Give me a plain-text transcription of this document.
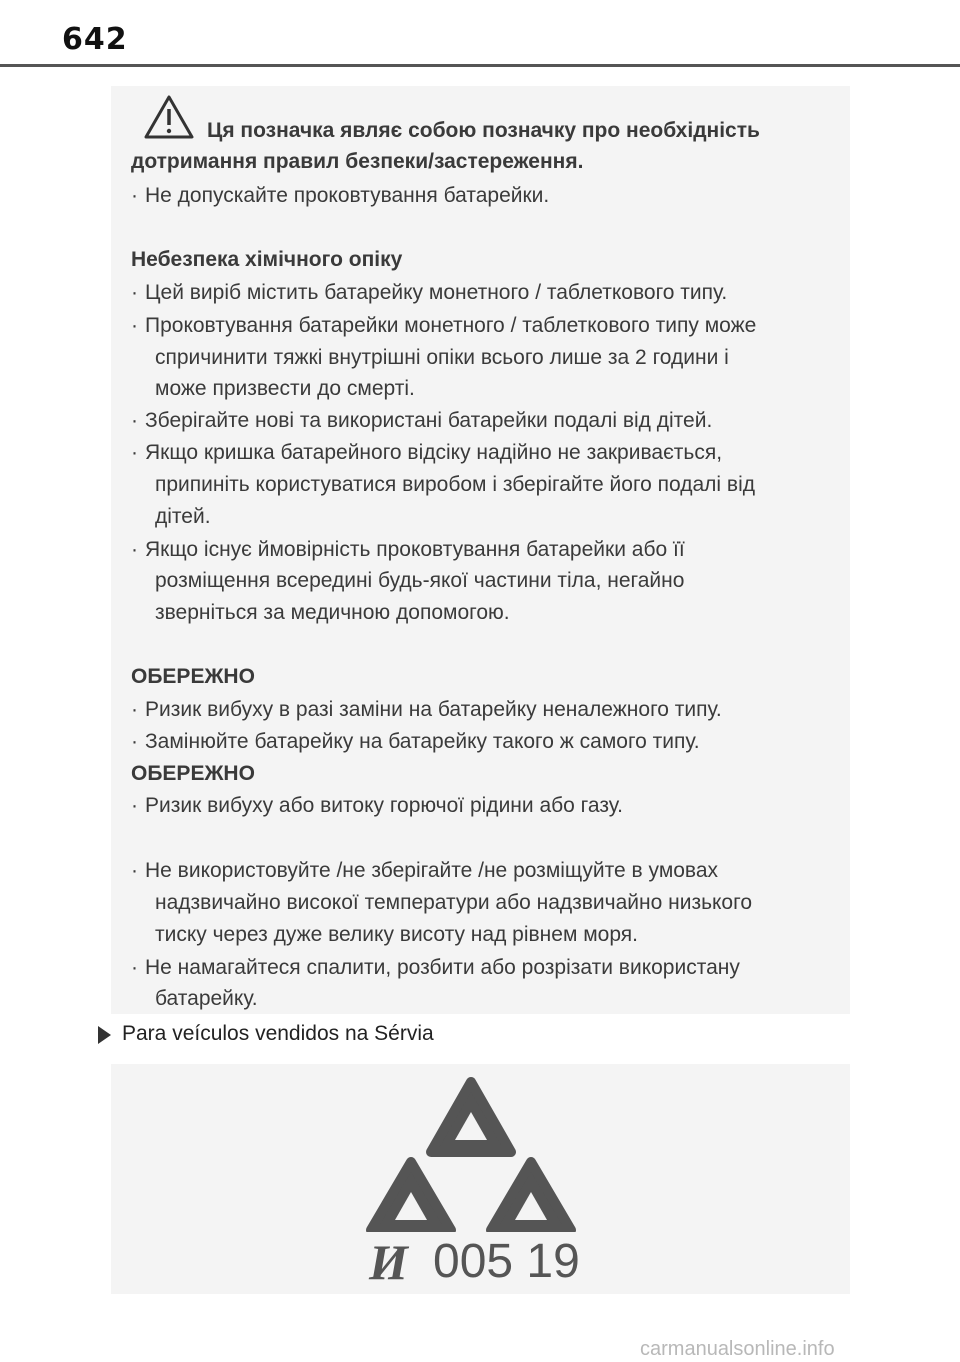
642
Ця позначка являє собою позначку про необхідність
дотримання правил безпеки/застереження.
· Не допускайте проковтування батарейки.
Небезпека хімічного опіку
· Цей виріб містить батарейку монетного / таблеткового типу.
· Проковтування батарейки монетного / таблеткового типу може
спричинити тяжкі внутрішні опіки всього лише за 2 години і
може призвести до смерті.
· Зберігайте нові та використані батарейки подалі від дітей.
· Якщо кришка батарейного відсіку надійно не закривається,
припиніть користуватися виробом і зберігайте його подалі від
дітей.
· Якщо існує ймовірність проковтування батарейки або її
розміщення всередині будь-якої частини тіла, негайно
зверніться за медичною допомогою.
ОБЕРЕЖНО
· Ризик вибуху в разі заміни на батарейку неналежного типу.
· Замінюйте батарейку на батарейку такого ж самого типу.
ОБЕРЕЖНО
· Ризик вибуху або витоку горючої рідини або газу.
· Не використовуйте /не зберігайте /не розміщуйте в умовах
надзвичайно високої температури або надзвичайно низького
тиску через дуже велику висоту над рівнем моря.
· Не намагайтеся спалити, розбити або розрізати використану
батарейку.
Para veículos vendidos na Sérvia
И 005 19
carmanualsonline.info
